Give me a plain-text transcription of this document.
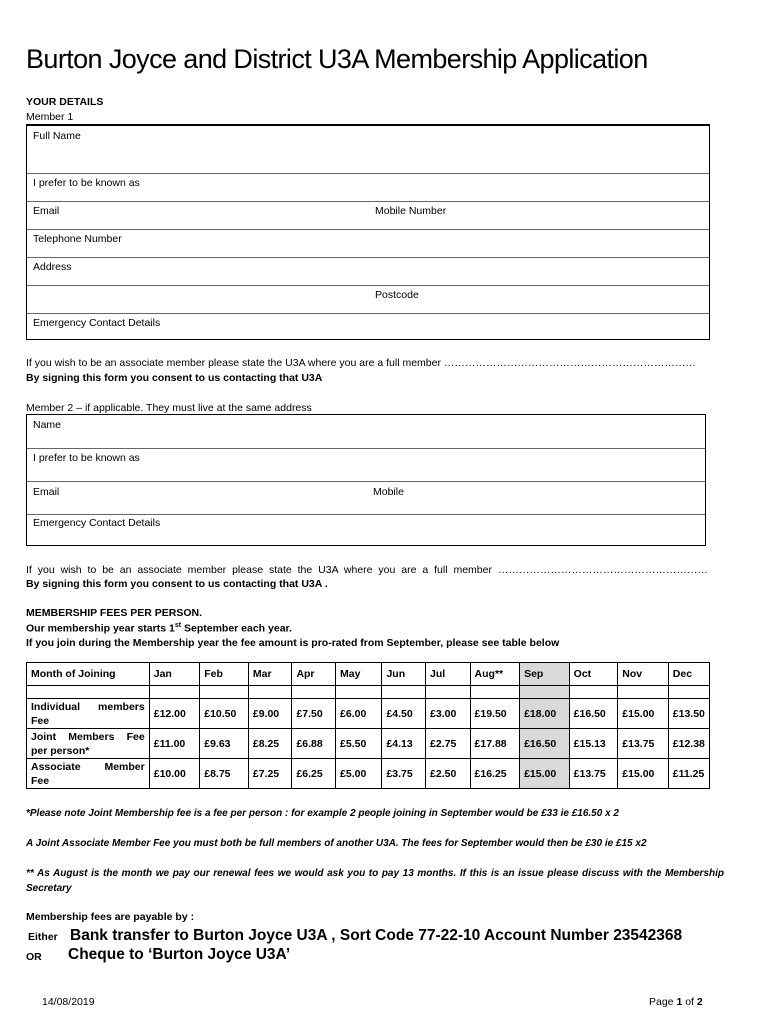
Burton Joyce and District U3A Membership Application
YOUR DETAILS
Member 1
Full Name
I prefer to be known as
Email	Mobile Number
Telephone Number
Address
Postcode
Emergency Contact Details
If you wish to be an associate member please state the U3A where you are a full member ………………………………………………………………
By signing this form you consent to us contacting that U3A
Member 2 – if applicable. They must live at the same address
Name
I prefer to be known as
Email	Mobile
Emergency Contact Details
If you wish to be an associate member please state the U3A where you are a full member ……………………………………………………
By signing this form you consent to us contacting that U3A .
MEMBERSHIP FEES PER PERSON.
Our membership year starts 1st September each year.
If you join during the Membership year the fee amount is pro-rated from September, please see table below
Month of Joining	Jan	Feb	Mar	Apr	May	Jun	Jul	Aug**	Sep	Oct	Nov	Dec

Individual members Fee	£12.00	£10.50	£9.00	£7.50	£6.00	£4.50	£3.00	£19.50	£18.00	£16.50	£15.00	£13.50
Joint Members Fee per person*	£11.00	£9.63	£8.25	£6.88	£5.50	£4.13	£2.75	£17.88	£16.50	£15.13	£13.75	£12.38
Associate Member Fee	£10.00	£8.75	£7.25	£6.25	£5.00	£3.75	£2.50	£16.25	£15.00	£13.75	£15.00	£11.25
*Please note Joint Membership fee is a fee per person : for example 2 people joining in September would be £33 ie £16.50 x 2
A Joint Associate Member Fee you must both be full members of another U3A. The fees for September would then be £30 ie £15 x2
** As August is the month we pay our renewal fees we would ask you to pay 13 months. If this is an issue please discuss with the Membership Secretary
Membership fees are payable by :
Either Bank transfer to Burton Joyce U3A , Sort Code 77-22-10 Account Number 23542368
OR Cheque to ‘Burton Joyce U3A’
14/08/2019	Page 1 of 2
